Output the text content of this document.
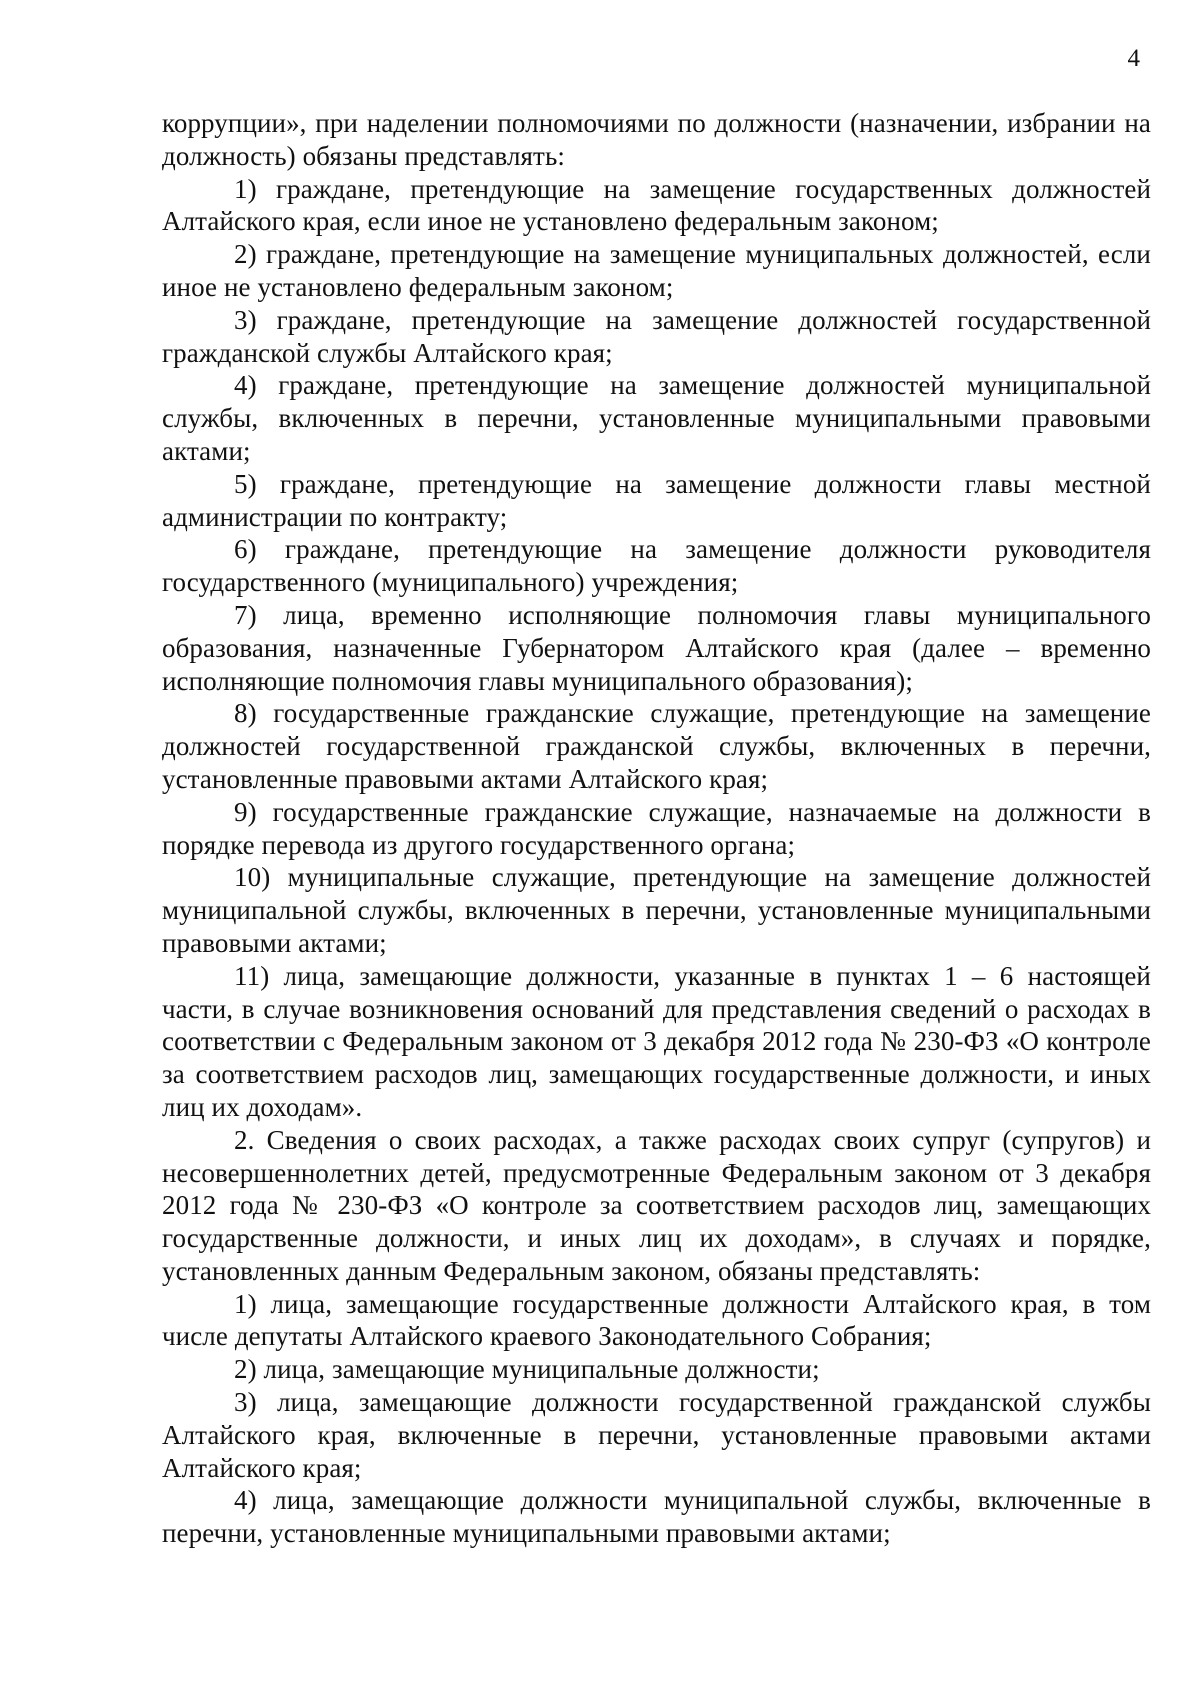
4

коррупции», при наделении полномочиями по должности (назначении, избрании на должность) обязаны представлять:

1) граждане, претендующие на замещение государственных должностей Алтайского края, если иное не установлено федеральным законом;

2) граждане, претендующие на замещение муниципальных должностей, если иное не установлено федеральным законом;

3) граждане, претендующие на замещение должностей государственной гражданской службы Алтайского края;

4) граждане, претендующие на замещение должностей муниципальной службы, включенных в перечни, установленные муниципальными правовыми актами;

5) граждане, претендующие на замещение должности главы местной администрации по контракту;

6) граждане, претендующие на замещение должности руководителя государственного (муниципального) учреждения;

7) лица, временно исполняющие полномочия главы муниципального образования, назначенные Губернатором Алтайского края (далее – временно исполняющие полномочия главы муниципального образования);

8) государственные гражданские служащие, претендующие на замещение должностей государственной гражданской службы, включенных в перечни, установленные правовыми актами Алтайского края;

9) государственные гражданские служащие, назначаемые на должности в порядке перевода из другого государственного органа;

10) муниципальные служащие, претендующие на замещение должностей муниципальной службы, включенных в перечни, установленные муниципальными правовыми актами;

11) лица, замещающие должности, указанные в пунктах 1 – 6 настоящей части, в случае возникновения оснований для представления сведений о расходах в соответствии с Федеральным законом от 3 декабря 2012 года № 230-ФЗ «О контроле за соответствием расходов лиц, замещающих государственные должности, и иных лиц их доходам».

2. Сведения о своих расходах, а также расходах своих супруг (супругов) и несовершеннолетних детей, предусмотренные Федеральным законом от 3 декабря 2012 года № 230-ФЗ «О контроле за соответствием расходов лиц, замещающих государственные должности, и иных лиц их доходам», в случаях и порядке, установленных данным Федеральным законом, обязаны представлять:

1) лица, замещающие государственные должности Алтайского края, в том числе депутаты Алтайского краевого Законодательного Собрания;

2) лица, замещающие муниципальные должности;

3) лица, замещающие должности государственной гражданской службы Алтайского края, включенные в перечни, установленные правовыми актами Алтайского края;

4) лица, замещающие должности муниципальной службы, включенные в перечни, установленные муниципальными правовыми актами;
